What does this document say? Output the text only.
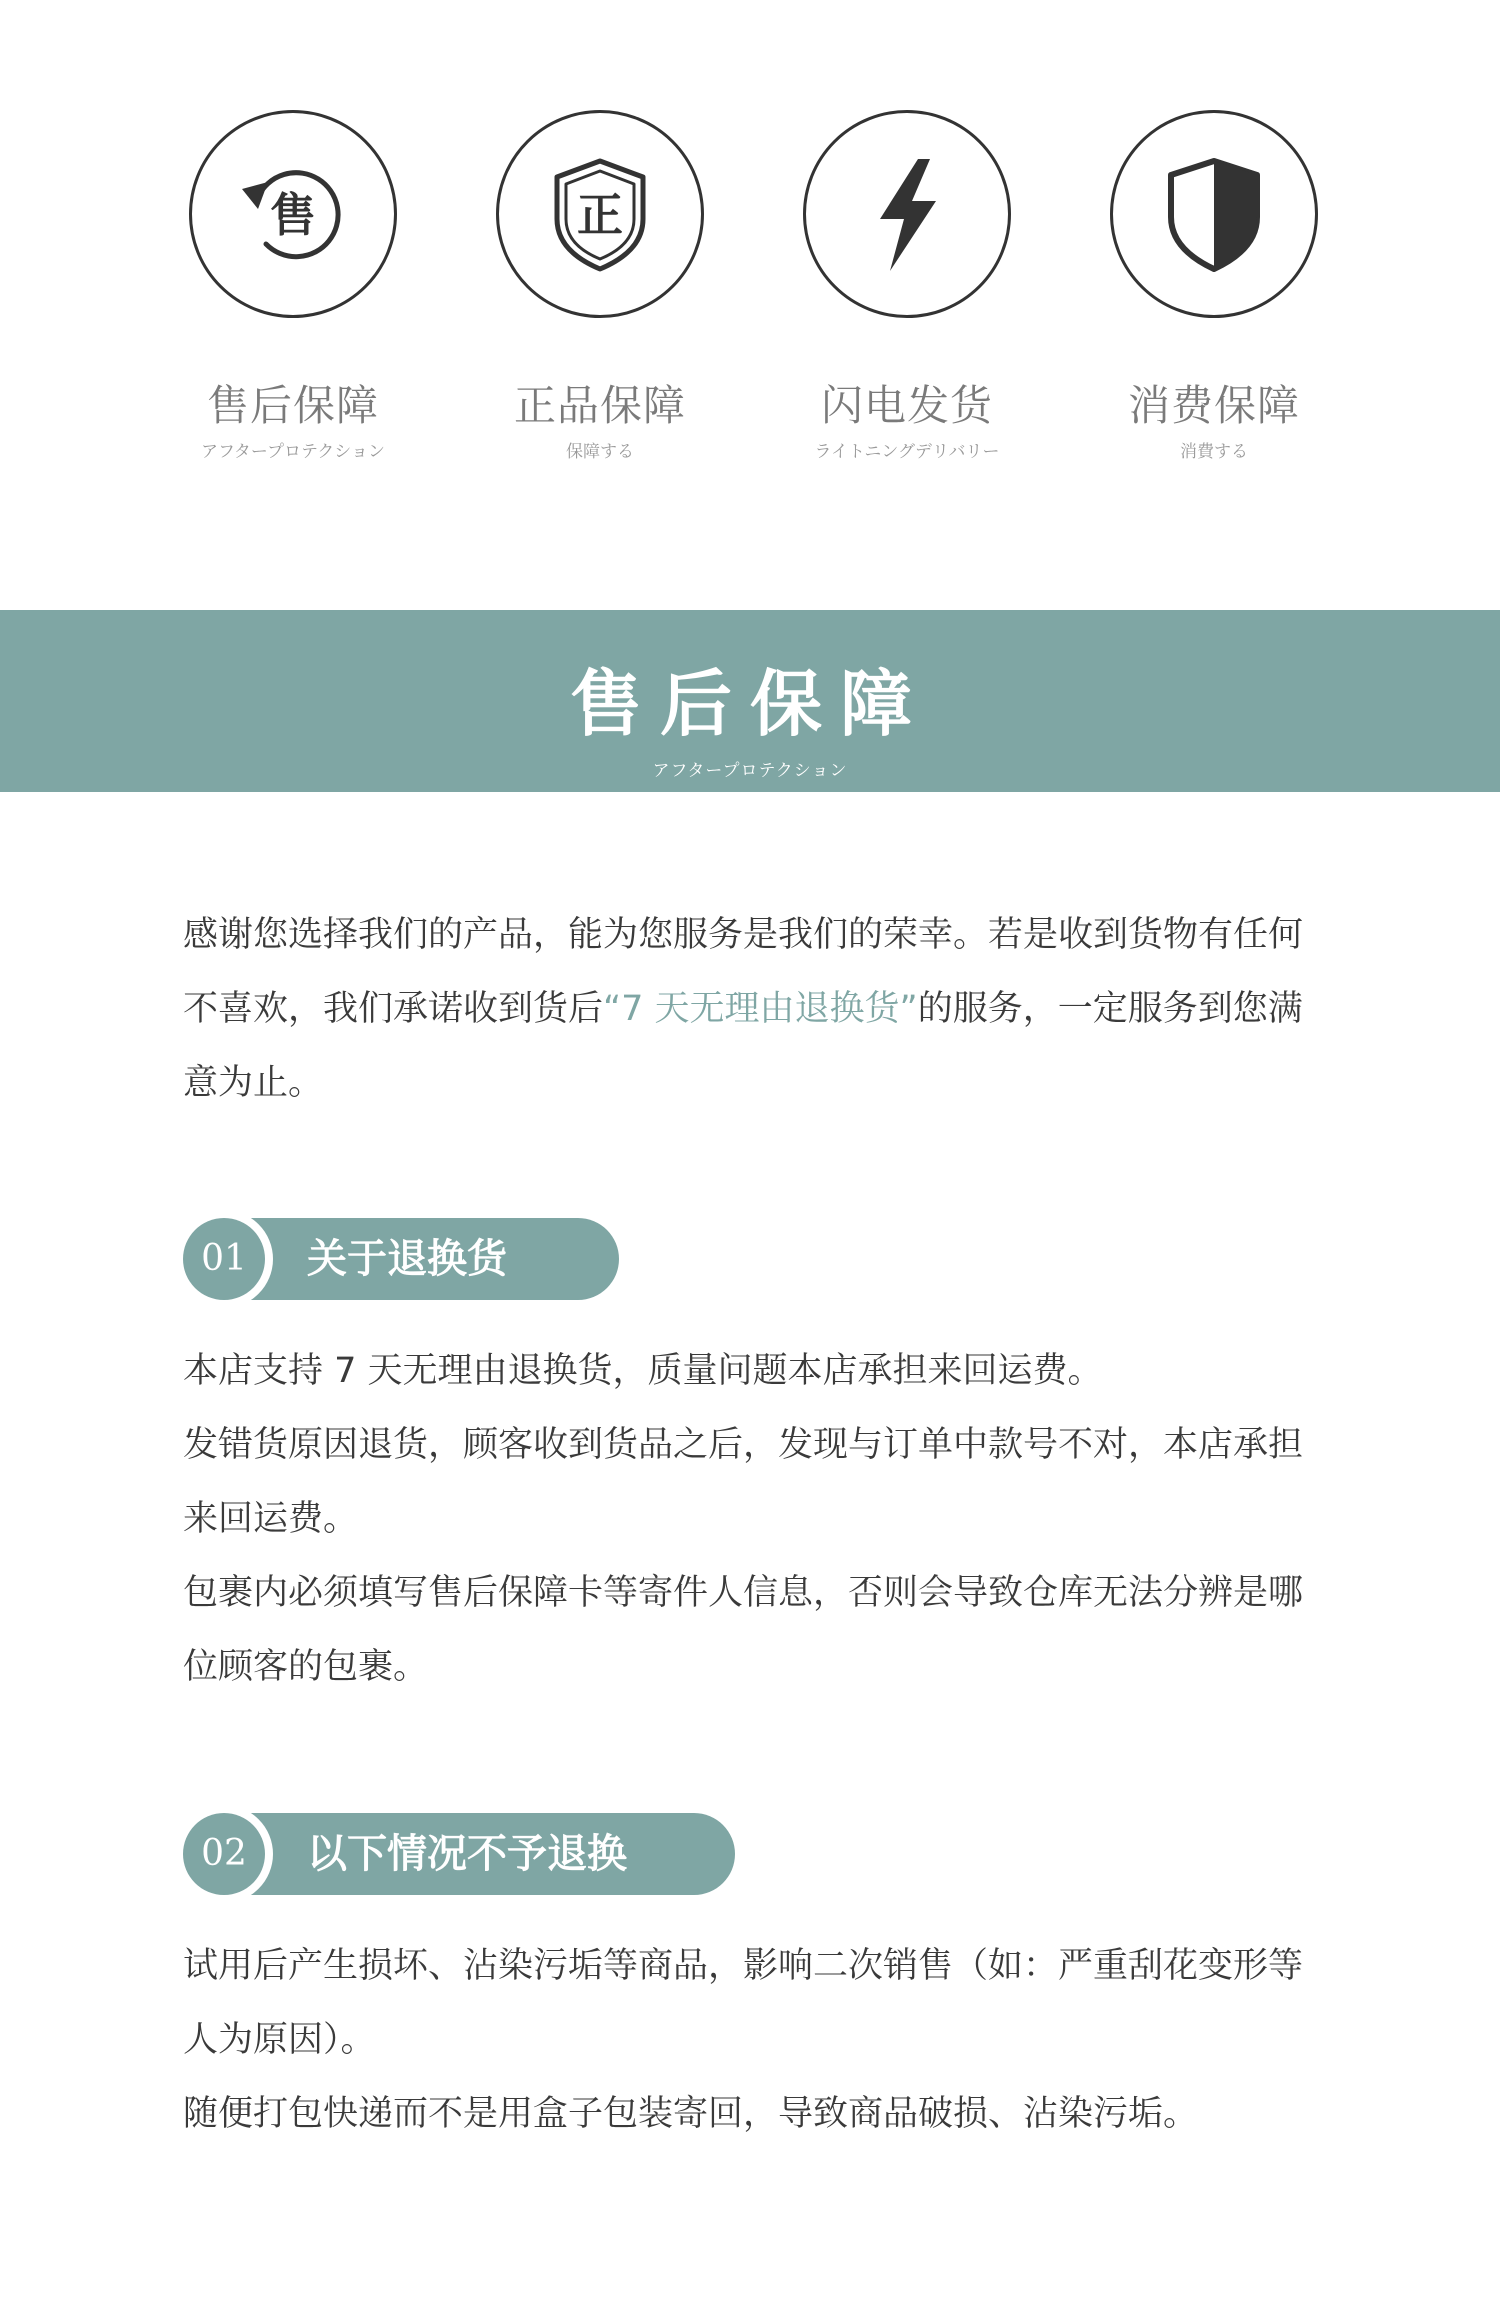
售
售后保障
アフタープロテクション
正
正品保障
保障する
闪电发货
ライトニングデリバリー
消费保障
消費する
售后保障
アフタープロテクション
感谢您选择我们的产品，能为您服务是我们的荣幸。若是收到货物有任何不喜欢，我们承诺收到货后“7 天无理由退换货”的服务，一定服务到您满意为止。
01	关于退换货

本店支持 7 天无理由退换货，质量问题本店承担来回运费。

发错货原因退货，顾客收到货品之后，发现与订单中款号不对，本店承担来回运费。

包裹内必须填写售后保障卡等寄件人信息，否则会导致仓库无法分辨是哪位顾客的包裹。

02	以下情况不予退换

试用后产生损坏、沾染污垢等商品，影响二次销售（如：严重刮花变形等人为原因）。

随便打包快递而不是用盒子包装寄回，导致商品破损、沾染污垢。
